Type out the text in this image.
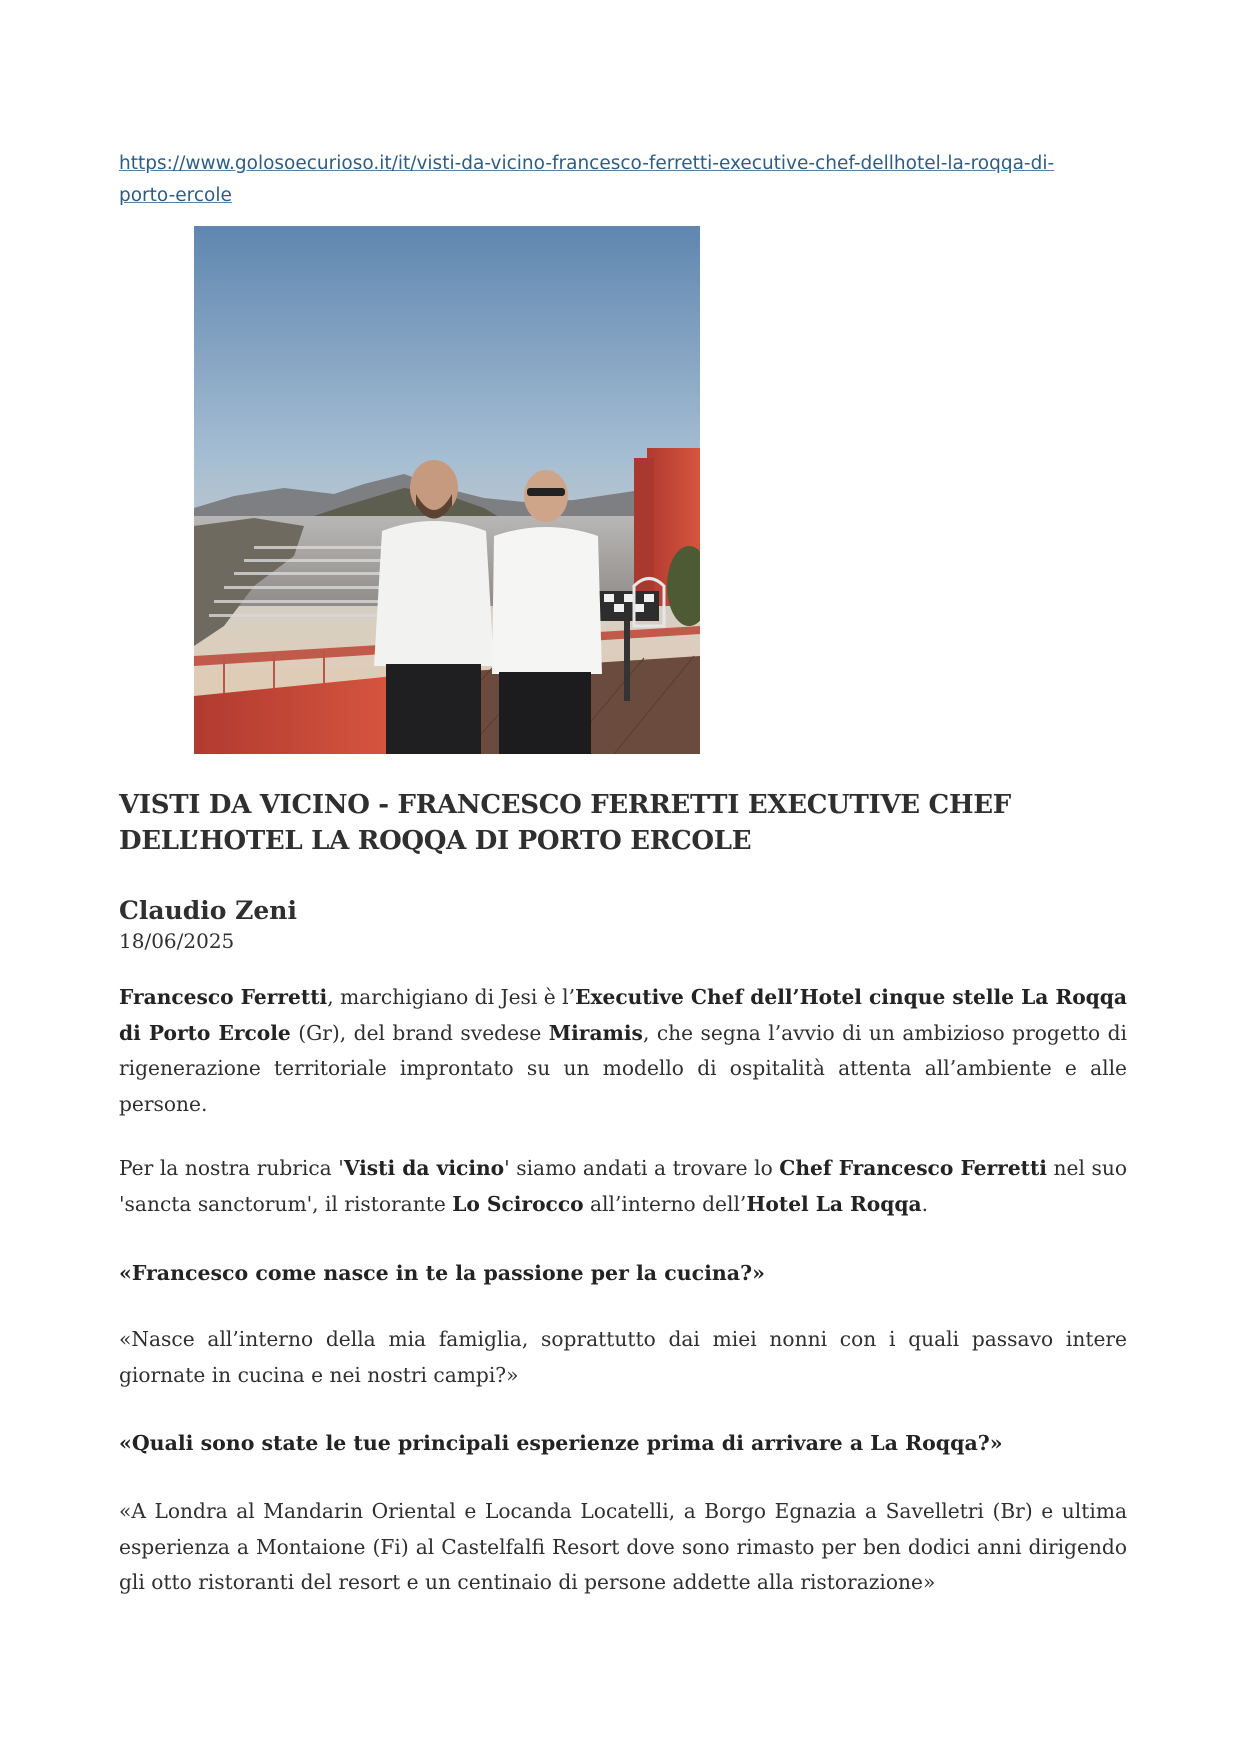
https://www.golosoecurioso.it/it/visti-da-vicino-francesco-ferretti-executive-chef-dellhotel-la-roqqa-di-
porto-ercole
VISTI DA VICINO - FRANCESCO FERRETTI EXECUTIVE CHEF
DELL’HOTEL LA ROQQA DI PORTO ERCOLE
Claudio Zeni
18/06/2025
Francesco Ferretti, marchigiano di Jesi è l’Executive Chef dell’Hotel cinque stelle La Roqqa di Porto Ercole (Gr), del brand svedese Miramis, che segna l’avvio di un ambizioso progetto di rigenerazione territoriale improntato su un modello di ospitalità attenta all’ambiente e alle persone.
Per la nostra rubrica 'Visti da vicino' siamo andati a trovare lo Chef Francesco Ferretti nel suo 'sancta sanctorum', il ristorante Lo Scirocco all’interno dell’Hotel La Roqqa.
«Francesco come nasce in te la passione per la cucina?»
«Nasce all’interno della mia famiglia, soprattutto dai miei nonni con i quali passavo intere giornate in cucina e nei nostri campi?»
«Quali sono state le tue principali esperienze prima di arrivare a La Roqqa?»
«A Londra al Mandarin Oriental e Locanda Locatelli, a Borgo Egnazia a Savelletri (Br) e ultima esperienza a Montaione (Fi) al Castelfalfi Resort dove sono rimasto per ben dodici anni dirigendo gli otto ristoranti del resort e un centinaio di persone addette alla ristorazione»
